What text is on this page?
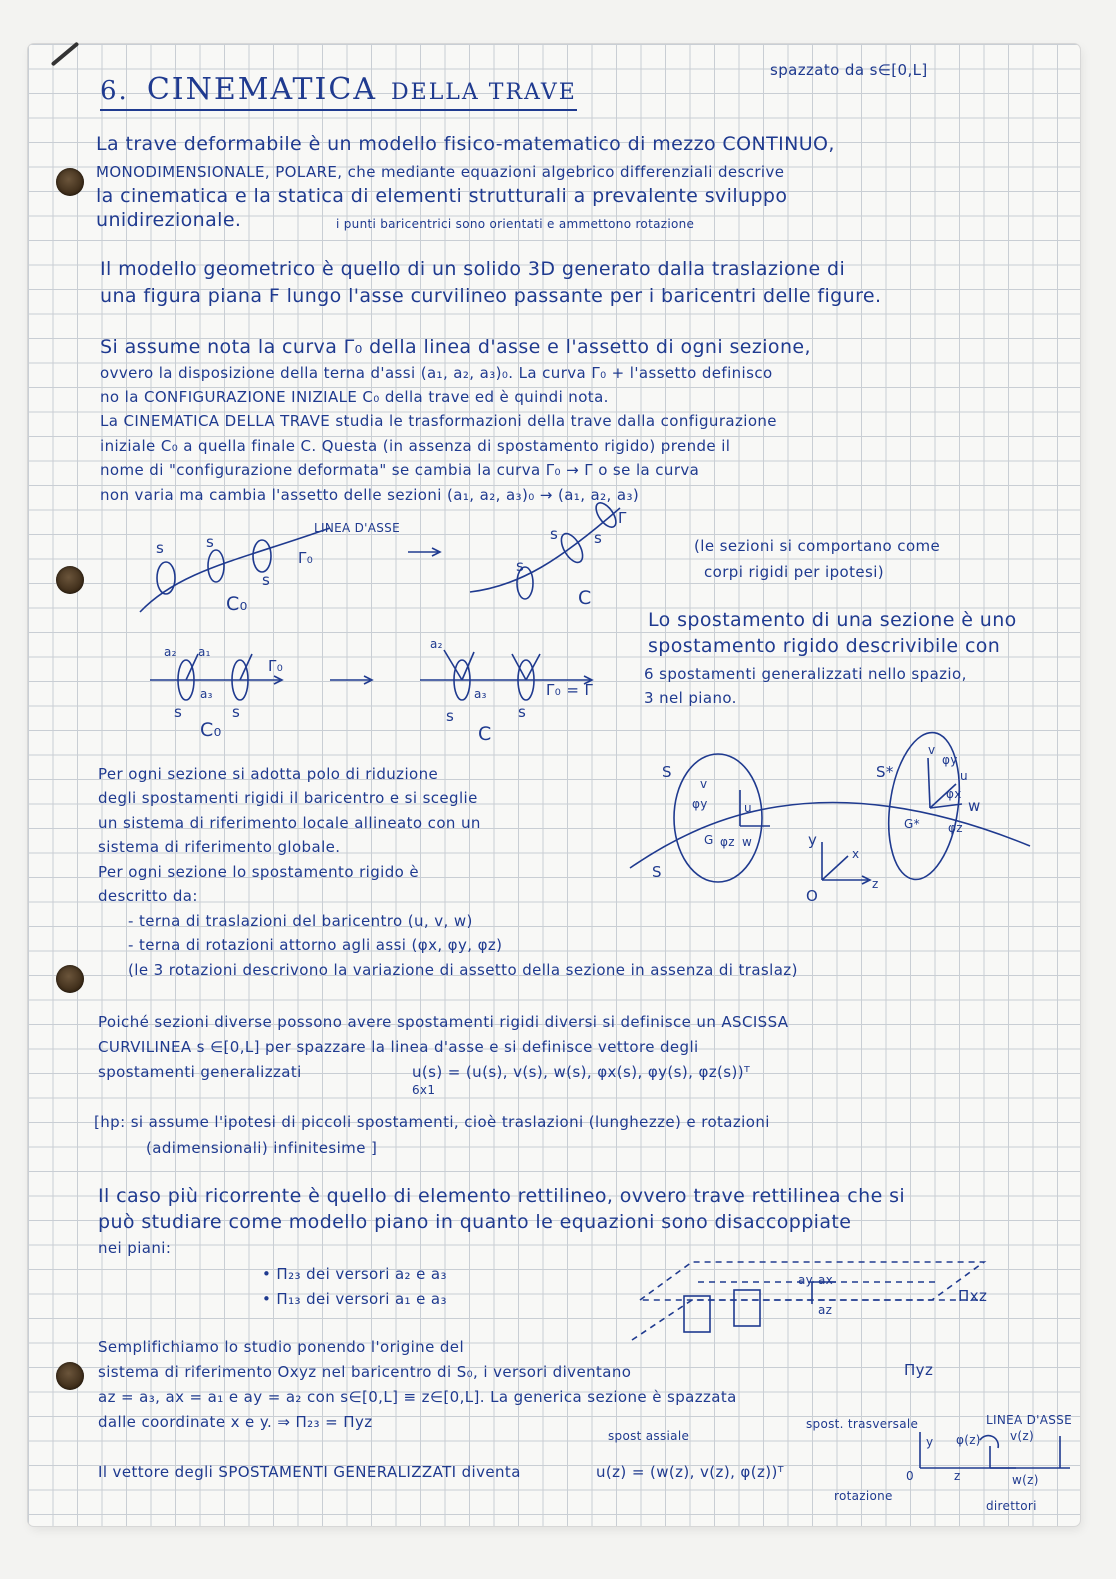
6. CINEMATICA DELLA TRAVE
spazzato da s∈[0,L]
La trave deformabile è un modello fisico-matematico di mezzo CONTINUO,
MONODIMENSIONALE, POLARE, che mediante equazioni algebrico differenziali descrive
la cinematica e la statica di elementi strutturali a prevalente sviluppo
unidirezionale.	i punti baricentrici sono orientati e ammettono rotazione
Il modello geometrico è quello di un solido 3D generato dalla traslazione di
una figura piana F lungo l'asse curvilineo passante per i baricentri delle figure.
Si assume nota la curva Γ₀ della linea d'asse e l'assetto di ogni sezione,
ovvero la disposizione della terna d'assi (a₁, a₂, a₃)₀. La curva Γ₀ + l'assetto definisco
no la CONFIGURAZIONE INIZIALE C₀ della trave ed è quindi nota.
La CINEMATICA DELLA TRAVE studia le trasformazioni della trave dalla configurazione
iniziale C₀ a quella finale C. Questa (in assenza di spostamento rigido) prende il
nome di "configurazione deformata" se cambia la curva Γ₀ → Γ o se la curva
non varia ma cambia l'assetto delle sezioni (a₁, a₂, a₃)₀ → (a₁, a₂, a₃)
LINEA D'ASSE
s	s
s
Γ₀
C₀
s
s s
Γ
C
(le sezioni si comportano come
corpi rigidi per ipotesi)
a₂ a₁
a₃
Γ₀
s	s
C₀
a₂
a₃
s	s
Γ₀ = Γ
C
Lo spostamento di una sezione è uno
spostamento rigido descrivibile con
6 spostamenti generalizzati nello spazio,
3 nel piano.
Per ogni sezione si adotta polo di riduzione
degli spostamenti rigidi il baricentro e si sceglie
un sistema di riferimento locale allineato con un
sistema di riferimento globale.
Per ogni sezione lo spostamento rigido è
descritto da:
- terna di traslazioni del baricentro (u, v, w)
- terna di rotazioni attorno agli assi (φx, φy, φz)
(le 3 rotazioni descrivono la variazione di assetto della sezione in assenza di traslaz)
S
S
v
φy	u
G φz w
S*
v
φy
u
φx
w
φz
G*
y
x
z
O
Poiché sezioni diverse possono avere spostamenti rigidi diversi si definisce un ASCISSA
CURVILINEA s ∈[0,L] per spazzare la linea d'asse e si definisce vettore degli
spostamenti generalizzati	u(s) = (u(s), v(s), w(s), φx(s), φy(s), φz(s))ᵀ
6x1
[hp: si assume l'ipotesi di piccoli spostamenti, cioè traslazioni (lunghezze) e rotazioni
(adimensionali) infinitesime ]
Il caso più ricorrente è quello di elemento rettilineo, ovvero trave rettilinea che si
può studiare come modello piano in quanto le equazioni sono disaccoppiate
nei piani:
• Π₂₃ dei versori a₂ e a₃
• Π₁₃ dei versori a₁ e a₃
ay ax
az
Πxz
Πyz
Semplifichiamo lo studio ponendo l'origine del
sistema di riferimento Oxyz nel baricentro di S₀, i versori diventano
az = a₃, ax = a₁ e ay = a₂ con s∈[0,L] ≡ z∈[0,L]. La generica sezione è spazzata
dalle coordinate x e y. ⇒ Π₂₃ = Πyz
spost assiale
spost. trasversale
Il vettore degli SPOSTAMENTI GENERALIZZATI diventa	u(z) = (w(z), v(z), φ(z))ᵀ
rotazione
LINEA D'ASSE
0
y
z
φ(z) v(z)
w(z)
direttori
